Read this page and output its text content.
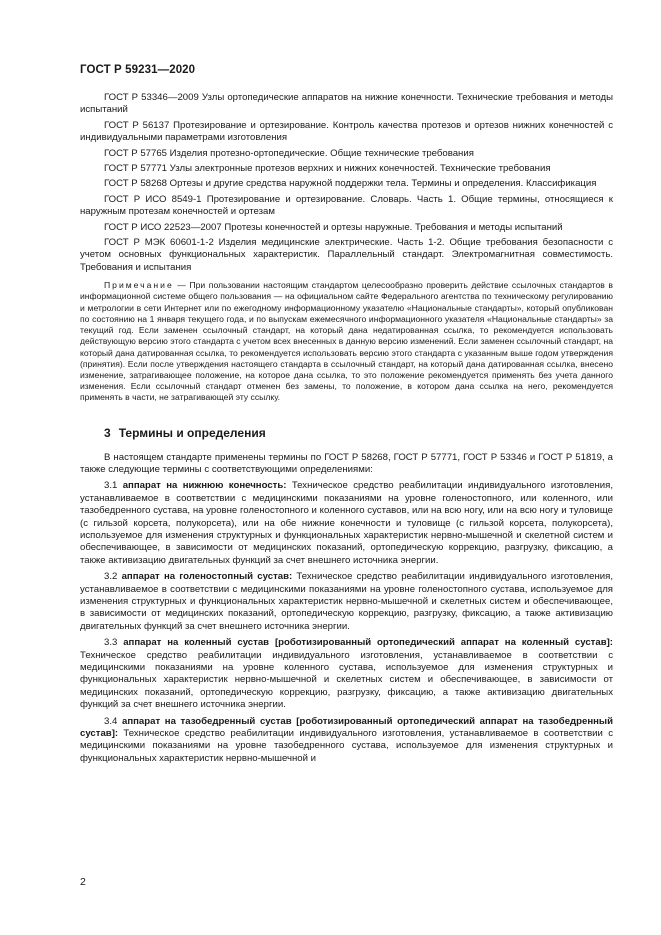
ГОСТ Р 59231—2020

ГОСТ Р 53346—2009 Узлы ортопедические аппаратов на нижние конечности. Технические требования и методы испытаний

ГОСТ Р 56137 Протезирование и ортезирование. Контроль качества протезов и ортезов нижних конечностей с индивидуальными параметрами изготовления

ГОСТ Р 57765 Изделия протезно-ортопедические. Общие технические требования

ГОСТ Р 57771 Узлы электронные протезов верхних и нижних конечностей. Технические требования

ГОСТ Р 58268 Ортезы и другие средства наружной поддержки тела. Термины и определения. Классификация

ГОСТ Р ИСО 8549-1 Протезирование и ортезирование. Словарь. Часть 1. Общие термины, относящиеся к наружным протезам конечностей и ортезам

ГОСТ Р ИСО 22523—2007 Протезы конечностей и ортезы наружные. Требования и методы испытаний

ГОСТ Р МЭК 60601-1-2 Изделия медицинские электрические. Часть 1-2. Общие требования безопасности с учетом основных функциональных характеристик. Параллельный стандарт. Электромагнитная совместимость. Требования и испытания

Примечание — При пользовании настоящим стандартом целесообразно проверить действие ссылочных стандартов в информационной системе общего пользования — на официальном сайте Федерального агентства по техническому регулированию и метрологии в сети Интернет или по ежегодному информационному указателю «Национальные стандарты», который опубликован по состоянию на 1 января текущего года, и по выпускам ежемесячного информационного указателя «Национальные стандарты» за текущий год. Если заменен ссылочный стандарт, на который дана недатированная ссылка, то рекомендуется использовать действующую версию этого стандарта с учетом всех внесенных в данную версию изменений. Если заменен ссылочный стандарт, на который дана датированная ссылка, то рекомендуется использовать версию этого стандарта с указанным выше годом утверждения (принятия). Если после утверждения настоящего стандарта в ссылочный стандарт, на который дана датированная ссылка, внесено изменение, затрагивающее положение, на которое дана ссылка, то это положение рекомендуется применять без учета данного изменения. Если ссылочный стандарт отменен без замены, то положение, в котором дана ссылка на него, рекомендуется применять в части, не затрагивающей эту ссылку.

3 Термины и определения

В настоящем стандарте применены термины по ГОСТ Р 58268, ГОСТ Р 57771, ГОСТ Р 53346 и ГОСТ Р 51819, а также следующие термины с соответствующими определениями:

3.1 аппарат на нижнюю конечность: Техническое средство реабилитации индивидуального изготовления, устанавливаемое в соответствии с медицинскими показаниями на уровне голеностопного, или коленного, или тазобедренного сустава, на уровне голеностопного и коленного суставов, или на всю ногу, или на всю ногу и туловище (с гильзой корсета, полукорсета), или на обе нижние конечности и туловище (с гильзой корсета, полукорсета), используемое для изменения структурных и функциональных характеристик нервно-мышечной и скелетной систем и обеспечивающее, в зависимости от медицинских показаний, ортопедическую коррекцию, разгрузку, фиксацию, а также активизацию двигательных функций за счет внешнего источника энергии.

3.2 аппарат на голеностопный сустав: Техническое средство реабилитации индивидуального изготовления, устанавливаемое в соответствии с медицинскими показаниями на уровне голеностопного сустава, используемое для изменения структурных и функциональных характеристик нервно-мышечной и скелетных систем и обеспечивающее, в зависимости от медицинских показаний, ортопедическую коррекцию, разгрузку, фиксацию, а также активизацию двигательных функций за счет внешнего источника энергии.

3.3 аппарат на коленный сустав [роботизированный ортопедический аппарат на коленный сустав]: Техническое средство реабилитации индивидуального изготовления, устанавливаемое в соответствии с медицинскими показаниями на уровне коленного сустава, используемое для изменения структурных и функциональных характеристик нервно-мышечной и скелетных систем и обеспечивающее, в зависимости от медицинских показаний, ортопедическую коррекцию, разгрузку, фиксацию, а также активизацию двигательных функций за счет внешнего источника энергии.

3.4 аппарат на тазобедренный сустав [роботизированный ортопедический аппарат на тазобедренный сустав]: Техническое средство реабилитации индивидуального изготовления, устанавливаемое в соответствии с медицинскими показаниями на уровне тазобедренного сустава, используемое для изменения структурных и функциональных характеристик нервно-мышечной и

2
